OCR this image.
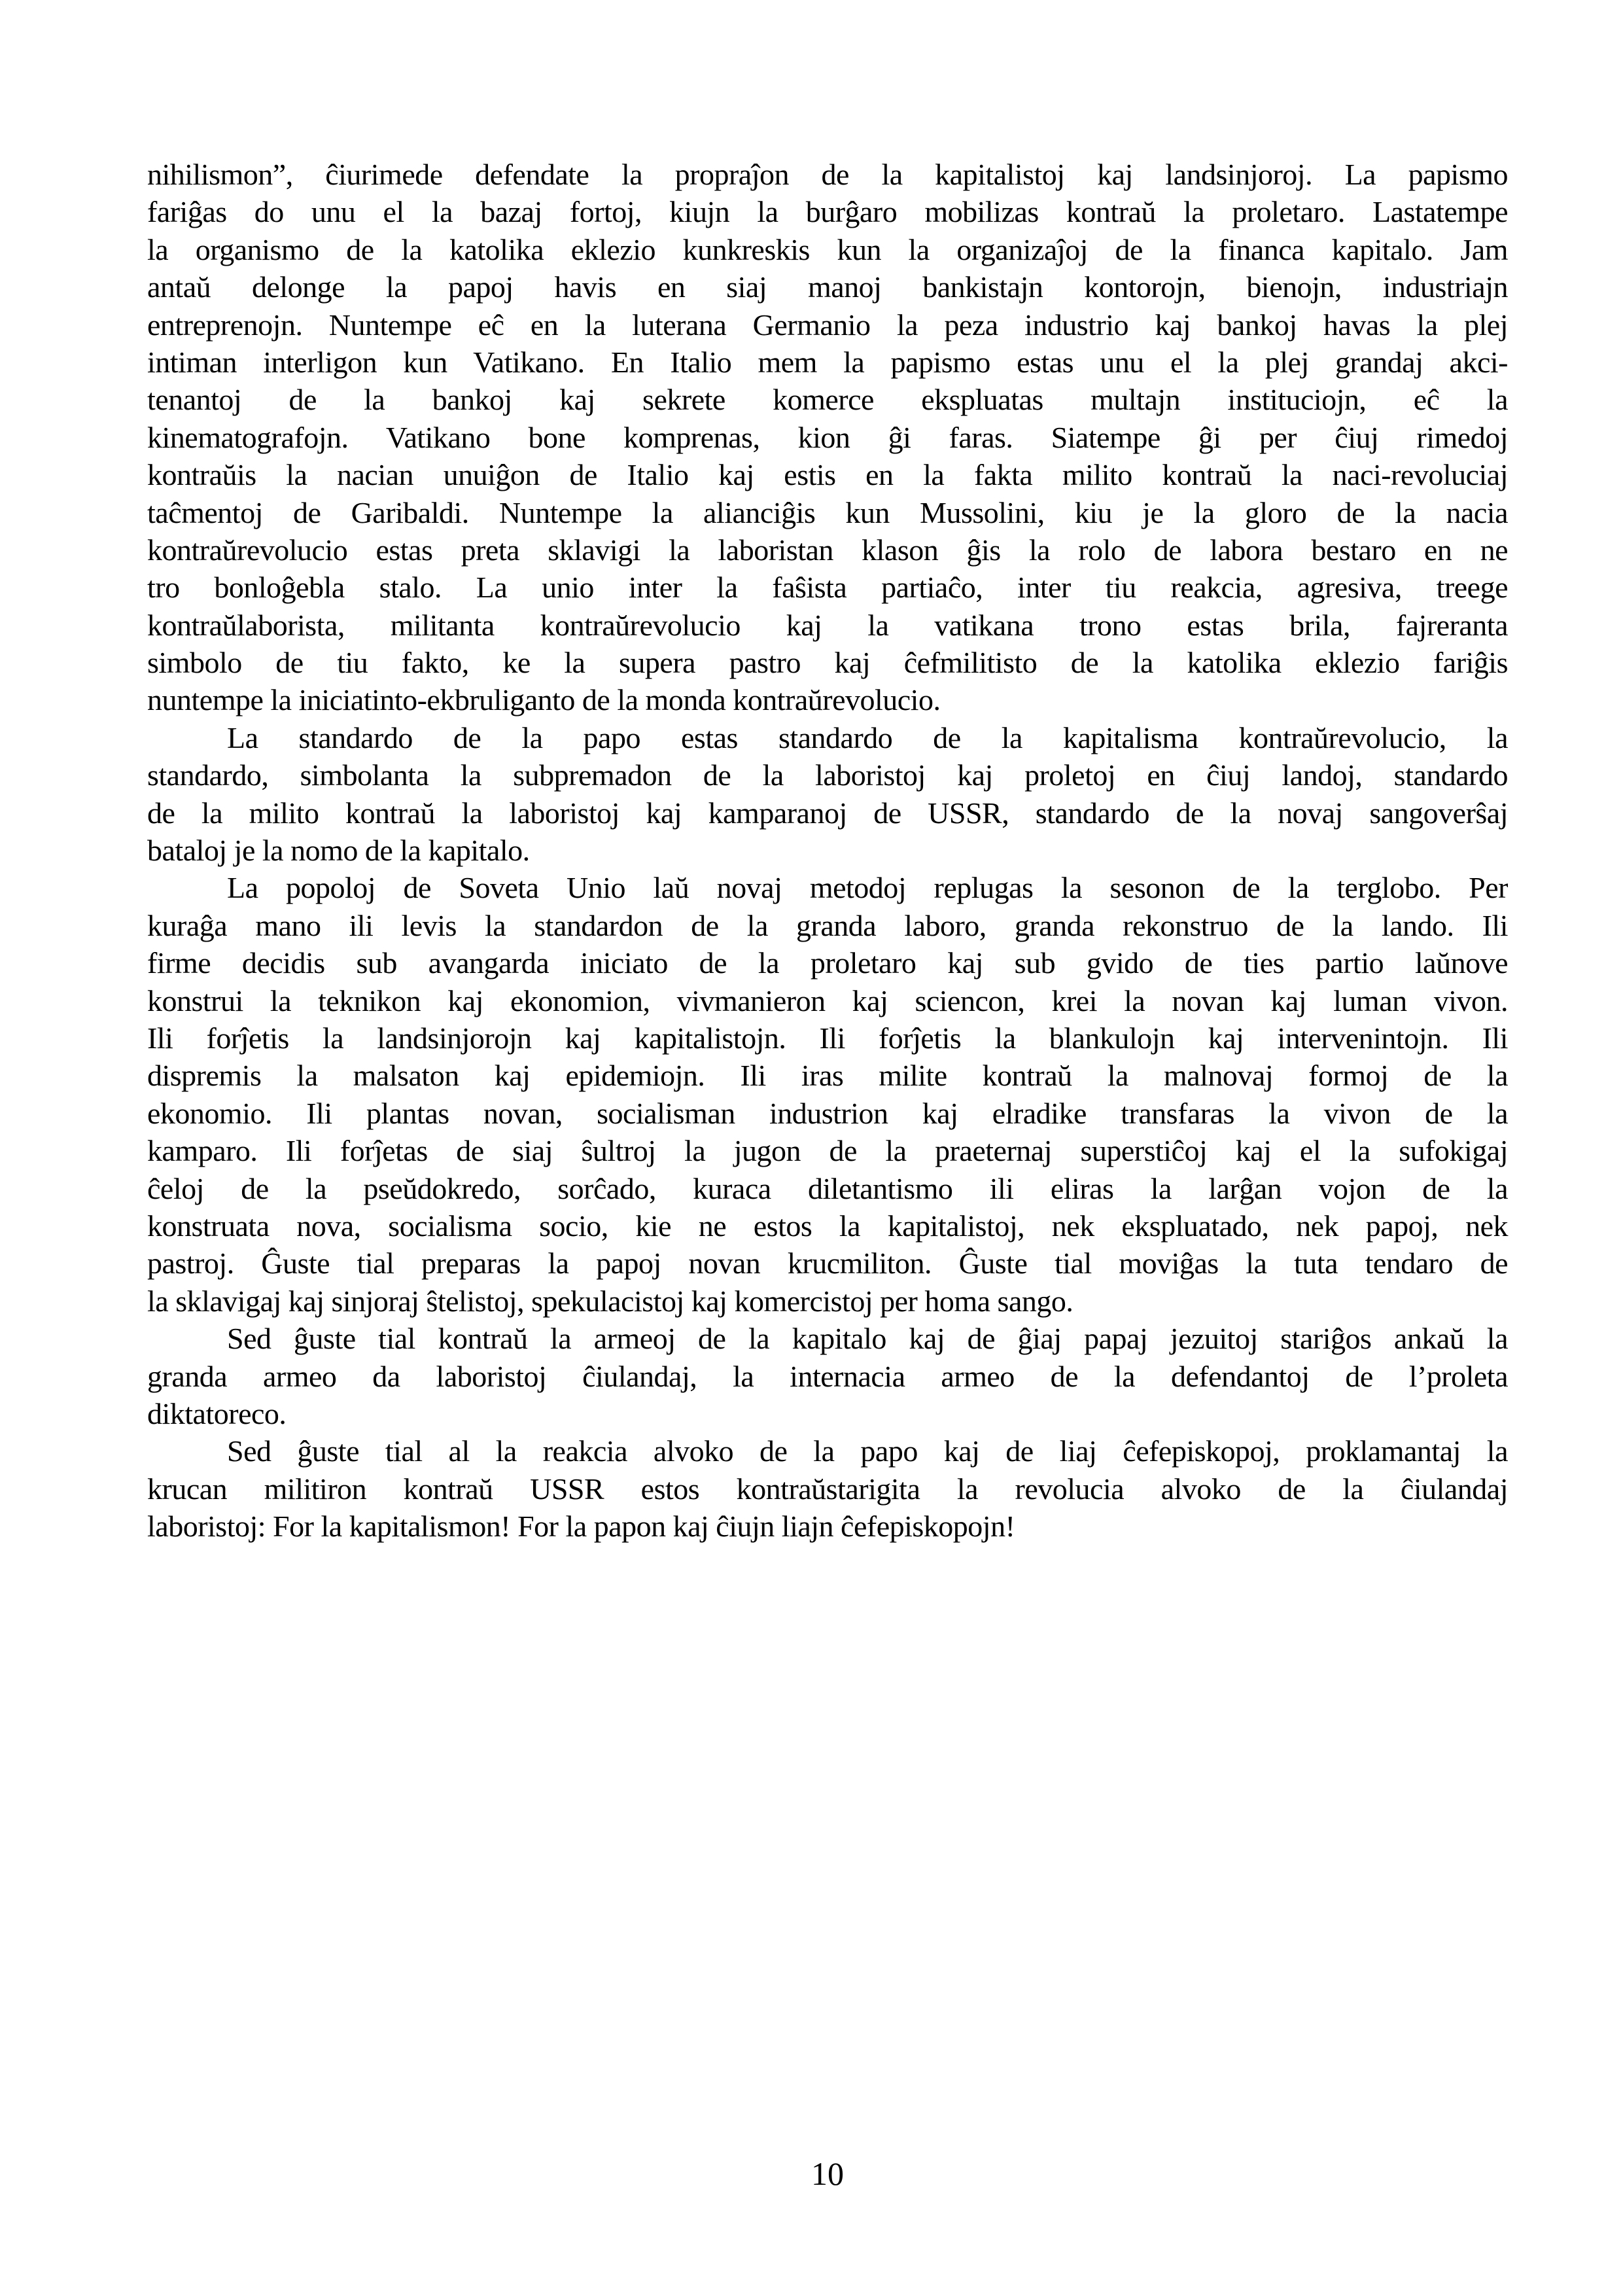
nihilismon”, ĉiurimede defendate la propraĵon de la kapitalistoj kaj landsinjoroj. La papismo
fariĝas do unu el la bazaj fortoj, kiujn la burĝaro mobilizas kontraŭ la proletaro. Lastatempe
la organismo de la katolika eklezio kunkreskis kun la organizaĵoj de la financa kapitalo. Jam
antaŭ delonge la papoj havis en siaj manoj bankistajn kontorojn, bienojn, industriajn
entreprenojn. Nuntempe eĉ en la luterana Germanio la peza industrio kaj bankoj havas la plej
intiman interligon kun Vatikano. En Italio mem la papismo estas unu el la plej grandaj akci-
tenantoj de la bankoj kaj sekrete komerce ekspluatas multajn instituciojn, eĉ la
kinematografojn. Vatikano bone komprenas, kion ĝi faras. Siatempe ĝi per ĉiuj rimedoj
kontraŭis la nacian unuiĝon de Italio kaj estis en la fakta milito kontraŭ la naci-revoluciaj
taĉmentoj de Garibaldi. Nuntempe la alianciĝis kun Mussolini, kiu je la gloro de la nacia
kontraŭrevolucio estas preta sklavigi la laboristan klason ĝis la rolo de labora bestaro en ne
tro bonloĝebla stalo. La unio inter la faŝista partiaĉo, inter tiu reakcia, agresiva, treege
kontraŭlaborista, militanta kontraŭrevolucio kaj la vatikana trono estas brila, fajreranta
simbolo de tiu fakto, ke la supera pastro kaj ĉefmilitisto de la katolika eklezio fariĝis
nuntempe la iniciatinto-ekbruliganto de la monda kontraŭrevolucio.
La standardo de la papo estas standardo de la kapitalisma kontraŭrevolucio, la
standardo, simbolanta la subpremadon de la laboristoj kaj proletoj en ĉiuj landoj, standardo
de la milito kontraŭ la laboristoj kaj kamparanoj de USSR, standardo de la novaj sangoverŝaj
bataloj je la nomo de la kapitalo.
La popoloj de Soveta Unio laŭ novaj metodoj replugas la sesonon de la terglobo. Per
kuraĝa mano ili levis la standardon de la granda laboro, granda rekonstruo de la lando. Ili
firme decidis sub avangarda iniciato de la proletaro kaj sub gvido de ties partio laŭnove
konstrui la teknikon kaj ekonomion, vivmanieron kaj sciencon, krei la novan kaj luman vivon.
Ili forĵetis la landsinjorojn kaj kapitalistojn. Ili forĵetis la blankulojn kaj intervenintojn. Ili
dispremis la malsaton kaj epidemiojn. Ili iras milite kontraŭ la malnovaj formoj de la
ekonomio. Ili plantas novan, socialisman industrion kaj elradike transfaras la vivon de la
kamparo. Ili forĵetas de siaj ŝultroj la jugon de la praeternaj superstiĉoj kaj el la sufokigaj
ĉeloj de la pseŭdokredo, sorĉado, kuraca diletantismo ili eliras la larĝan vojon de la
konstruata nova, socialisma socio, kie ne estos la kapitalistoj, nek ekspluatado, nek papoj, nek
pastroj. Ĝuste tial preparas la papoj novan krucmiliton. Ĝuste tial moviĝas la tuta tendaro de
la sklavigaj kaj sinjoraj ŝtelistoj, spekulacistoj kaj komercistoj per homa sango.
Sed ĝuste tial kontraŭ la armeoj de la kapitalo kaj de ĝiaj papaj jezuitoj stariĝos ankaŭ la
granda armeo da laboristoj ĉiulandaj, la internacia armeo de la defendantoj de l’proleta
diktatoreco.
Sed ĝuste tial al la reakcia alvoko de la papo kaj de liaj ĉefepiskopoj, proklamantaj la
krucan militiron kontraŭ USSR estos kontraŭstarigita la revolucia alvoko de la ĉiulandaj
laboristoj: For la kapitalismon! For la papon kaj ĉiujn liajn ĉefepiskopojn!
10
